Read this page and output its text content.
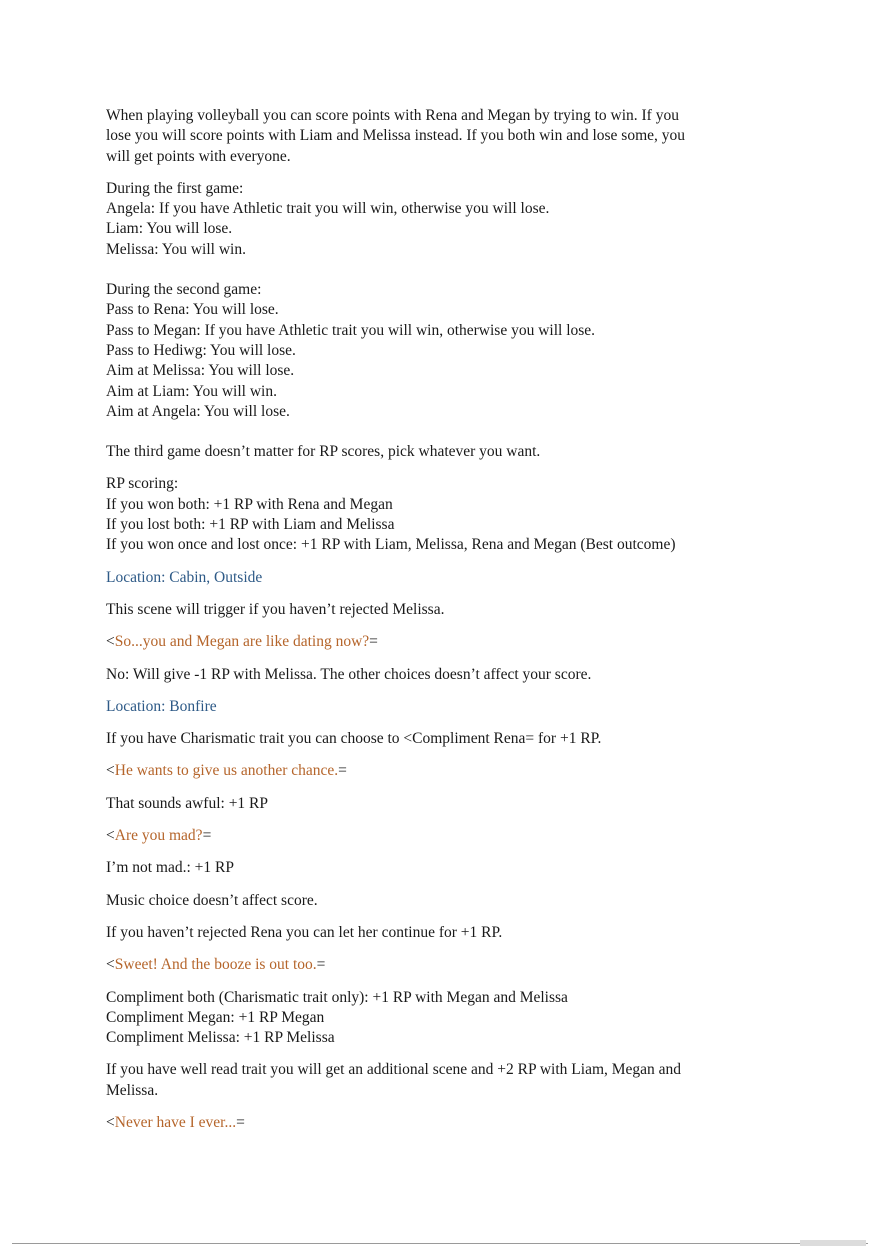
When playing volleyball you can score points with Rena and Megan by trying to win. If you

lose you will score points with Liam and Melissa instead. If you both win and lose some, you

will get points with everyone.

During the first game:

Angela: If you have Athletic trait you will win, otherwise you will lose.

Liam: You will lose.

Melissa: You will win.

During the second game:

Pass to Rena: You will lose.

Pass to Megan: If you have Athletic trait you will win, otherwise you will lose.

Pass to Hediwg: You will lose.

Aim at Melissa: You will lose.

Aim at Liam: You will win.

Aim at Angela: You will lose.

The third game doesn’t matter for RP scores, pick whatever you want.

RP scoring:

If you won both: +1 RP with Rena and Megan

If you lost both: +1 RP with Liam and Melissa

If you won once and lost once: +1 RP with Liam, Melissa, Rena and Megan (Best outcome)

Location: Cabin, Outside

This scene will trigger if you haven’t rejected Melissa.

<So...you and Megan are like dating now?=

No: Will give -1 RP with Melissa. The other choices doesn’t affect your score.

Location: Bonfire

If you have Charismatic trait you can choose to <Compliment Rena= for +1 RP.

<He wants to give us another chance.=

That sounds awful: +1 RP

<Are you mad?=

I’m not mad.: +1 RP

Music choice doesn’t affect score.

If you haven’t rejected Rena you can let her continue for +1 RP.

<Sweet! And the booze is out too.=

Compliment both (Charismatic trait only): +1 RP with Megan and Melissa

Compliment Megan: +1 RP Megan

Compliment Melissa: +1 RP Melissa

If you have well read trait you will get an additional scene and +2 RP with Liam, Megan and

Melissa.

<Never have I ever...=
